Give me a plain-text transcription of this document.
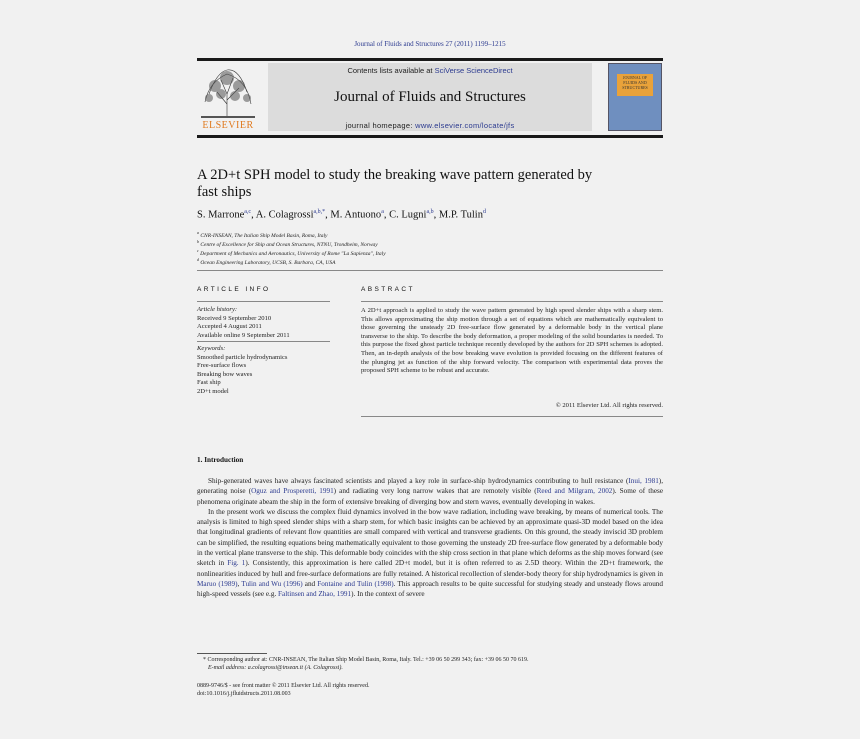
Journal of Fluids and Structures 27 (2011) 1199–1215
ELSEVIER
Contents lists available at SciVerse ScienceDirect
Journal of Fluids and Structures
journal homepage: www.elsevier.com/locate/jfs
JOURNAL OF FLUIDS AND STRUCTURES
A 2D+t SPH model to study the breaking wave pattern generated by
fast ships
S. Marrone$^{a,c}$, A. Colagrossi$^{a,b,*}$, M. Antuono$^a$, C. Lugni$^{a,b}$, M.P. Tulin$^d$
$^a$ CNR-INSEAN, The Italian Ship Model Basin, Roma, Italy
$^b$ Centre of Excellence for Ship and Ocean Structures, NTNU, Trondheim, Norway
$^c$ Department of Mechanics and Aeronautics, University of Rome "La Sapienza", Italy
$^d$ Ocean Engineering Laboratory, UCSB, S. Barbara, CA, USA
ARTICLE INFO
Article history:
Received 9 September 2010
Accepted 4 August 2011
Available online 9 September 2011
Keywords:
Smoothed particle hydrodynamics
Free-surface flows
Breaking bow waves
Fast ship
2D+t model
ABSTRACT
A 2D+t approach is applied to study the wave pattern generated by high speed slender ships with a sharp stem. This allows approximating the ship motion through a set of equations which are mathematically equivalent to those governing the unsteady 2D free-surface flow generated by a deformable body in the vertical plane transverse to the ship. To describe the body deformation, a proper modeling of the solid boundaries is needed. To this purpose the fixed ghost particle technique recently developed by the authors for 2D SPH schemes is adopted. Then, an in-depth analysis of the bow breaking wave evolution is provided focusing on the different features of the plunging jet as function of the ship forward velocity. The comparison with experimental data proves the proposed SPH scheme to be robust and accurate.
© 2011 Elsevier Ltd. All rights reserved.
1. Introduction

Ship-generated waves have always fascinated scientists and played a key role in surface-ship hydrodynamics contributing to hull resistance (Inui, 1981), generating noise (Oguz and Prosperetti, 1991) and radiating very long narrow wakes that are remotely visible (Reed and Milgram, 2002). Some of these phenomena originate abeam the ship in the form of extensive breaking of diverging bow and stern waves, eventually developing in wakes.

In the present work we discuss the complex fluid dynamics involved in the bow wave radiation, including wave breaking, by means of numerical tools. The analysis is limited to high speed slender ships with a sharp stem, for which basic insights can be achieved by an approximate quasi-3D model based on the idea that longitudinal gradients of relevant flow quantities are small compared with vertical and transverse gradients. On this ground, the steady inviscid 3D problem can be simplified, the resulting equations being mathematically equivalent to those governing the unsteady 2D free-surface flow generated by a deformable body in the vertical plane transverse to the ship. This deformable body coincides with the ship cross section in that plane which deforms as the ship moves forward (see sketch in Fig. 1). Consistently, this approximation is here called 2D+t model, but it is often referred to as 2.5D theory. Within the 2D+t framework, the nonlinearities induced by hull and free-surface deformations are fully retained. A historical recollection of slender-body theory for ship hydrodynamics is given in Maruo (1989), Tulin and Wu (1996) and Fontaine and Tulin (1998). This approach results to be quite successful for studying steady and unsteady flows around high-speed vessels (see e.g. Faltinsen and Zhao, 1991). In the context of severe

* Corresponding author at: CNR-INSEAN, The Italian Ship Model Basin, Roma, Italy. Tel.: +39 06 50 299 343; fax: +39 06 50 70 619.
E-mail address: a.colagrossi@insean.it (A. Colagrossi).
0889-9746/$ - see front matter © 2011 Elsevier Ltd. All rights reserved.
doi:10.1016/j.jfluidstructs.2011.08.003
